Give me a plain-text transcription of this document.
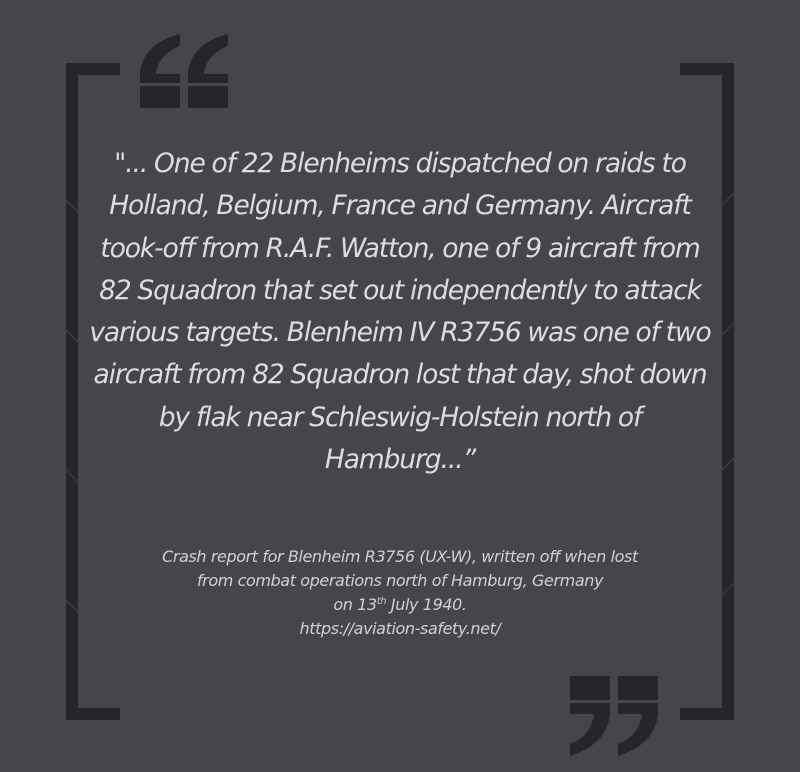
"... One of 22 Blenheims dispatched on raids to Holland, Belgium, France and Germany. Aircraft took-off from R.A.F. Watton, one of 9 aircraft from 82 Squadron that set out independently to attack various targets. Blenheim IV R3756 was one of two aircraft from 82 Squadron lost that day, shot down by flak near Schleswig-Holstein north of Hamburg...”

Crash report for Blenheim R3756 (UX-W), written off when lost
from combat operations north of Hamburg, Germany
on 13th July 1940.
https://aviation-safety.net/
